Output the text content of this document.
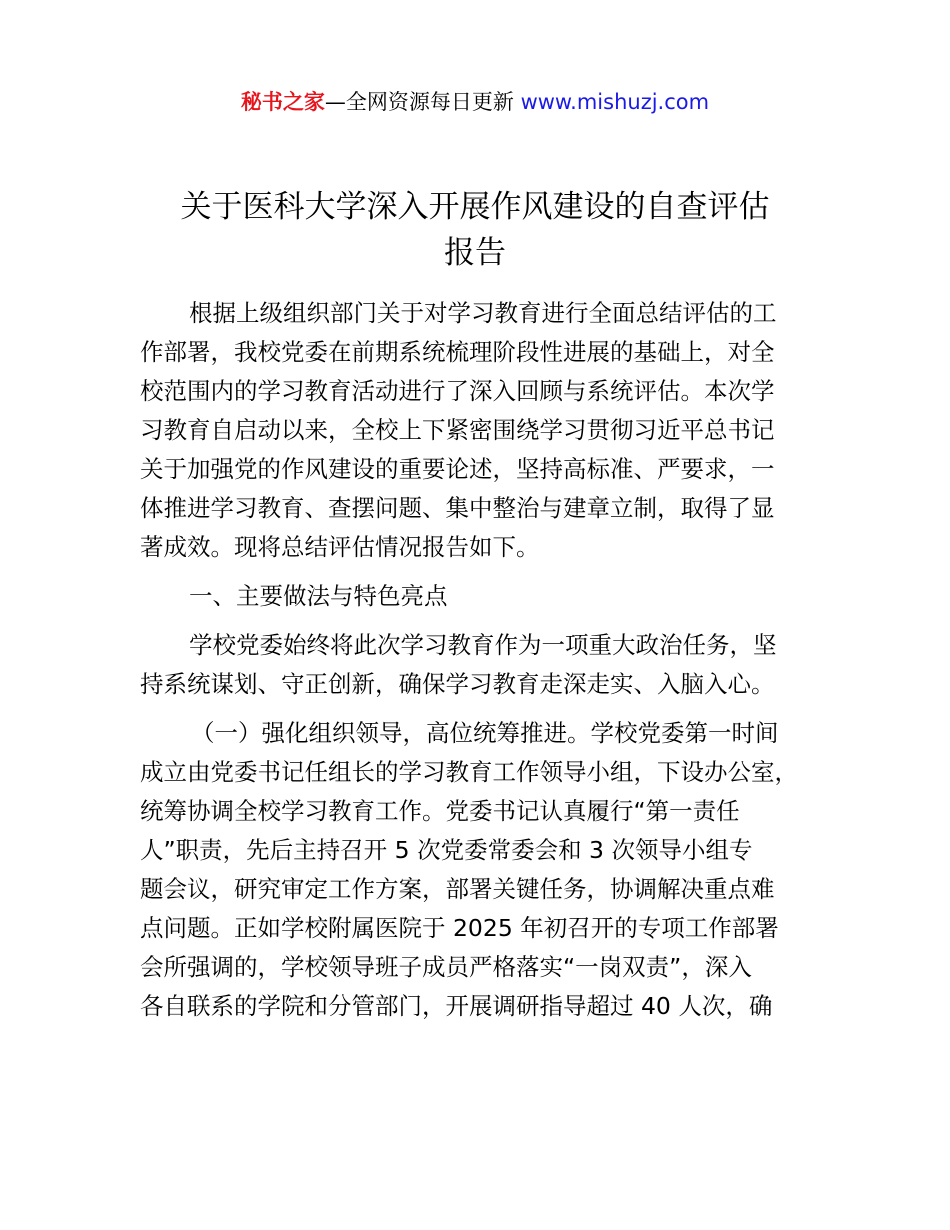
秘书之家—全网资源每日更新 www.mishuzj.com
关于医科大学深入开展作风建设的自查评估
报告
根据上级组织部门关于对学习教育进行全面总结评估的工
作部署，我校党委在前期系统梳理阶段性进展的基础上，对全
校范围内的学习教育活动进行了深入回顾与系统评估。本次学
习教育自启动以来，全校上下紧密围绕学习贯彻习近平总书记
关于加强党的作风建设的重要论述，坚持高标准、严要求，一
体推进学习教育、查摆问题、集中整治与建章立制，取得了显
著成效。现将总结评估情况报告如下。
一、主要做法与特色亮点
学校党委始终将此次学习教育作为一项重大政治任务，坚
持系统谋划、守正创新，确保学习教育走深走实、入脑入心。
（一）强化组织领导，高位统筹推进。学校党委第一时间
成立由党委书记任组长的学习教育工作领导小组，下设办公室，
统筹协调全校学习教育工作。党委书记认真履行“第一责任
人”职责，先后主持召开 5 次党委常委会和 3 次领导小组专
题会议，研究审定工作方案，部署关键任务，协调解决重点难
点问题。正如学校附属医院于 2025 年初召开的专项工作部署
会所强调的，学校领导班子成员严格落实“一岗双责”，深入
各自联系的学院和分管部门，开展调研指导超过 40 人次，确
